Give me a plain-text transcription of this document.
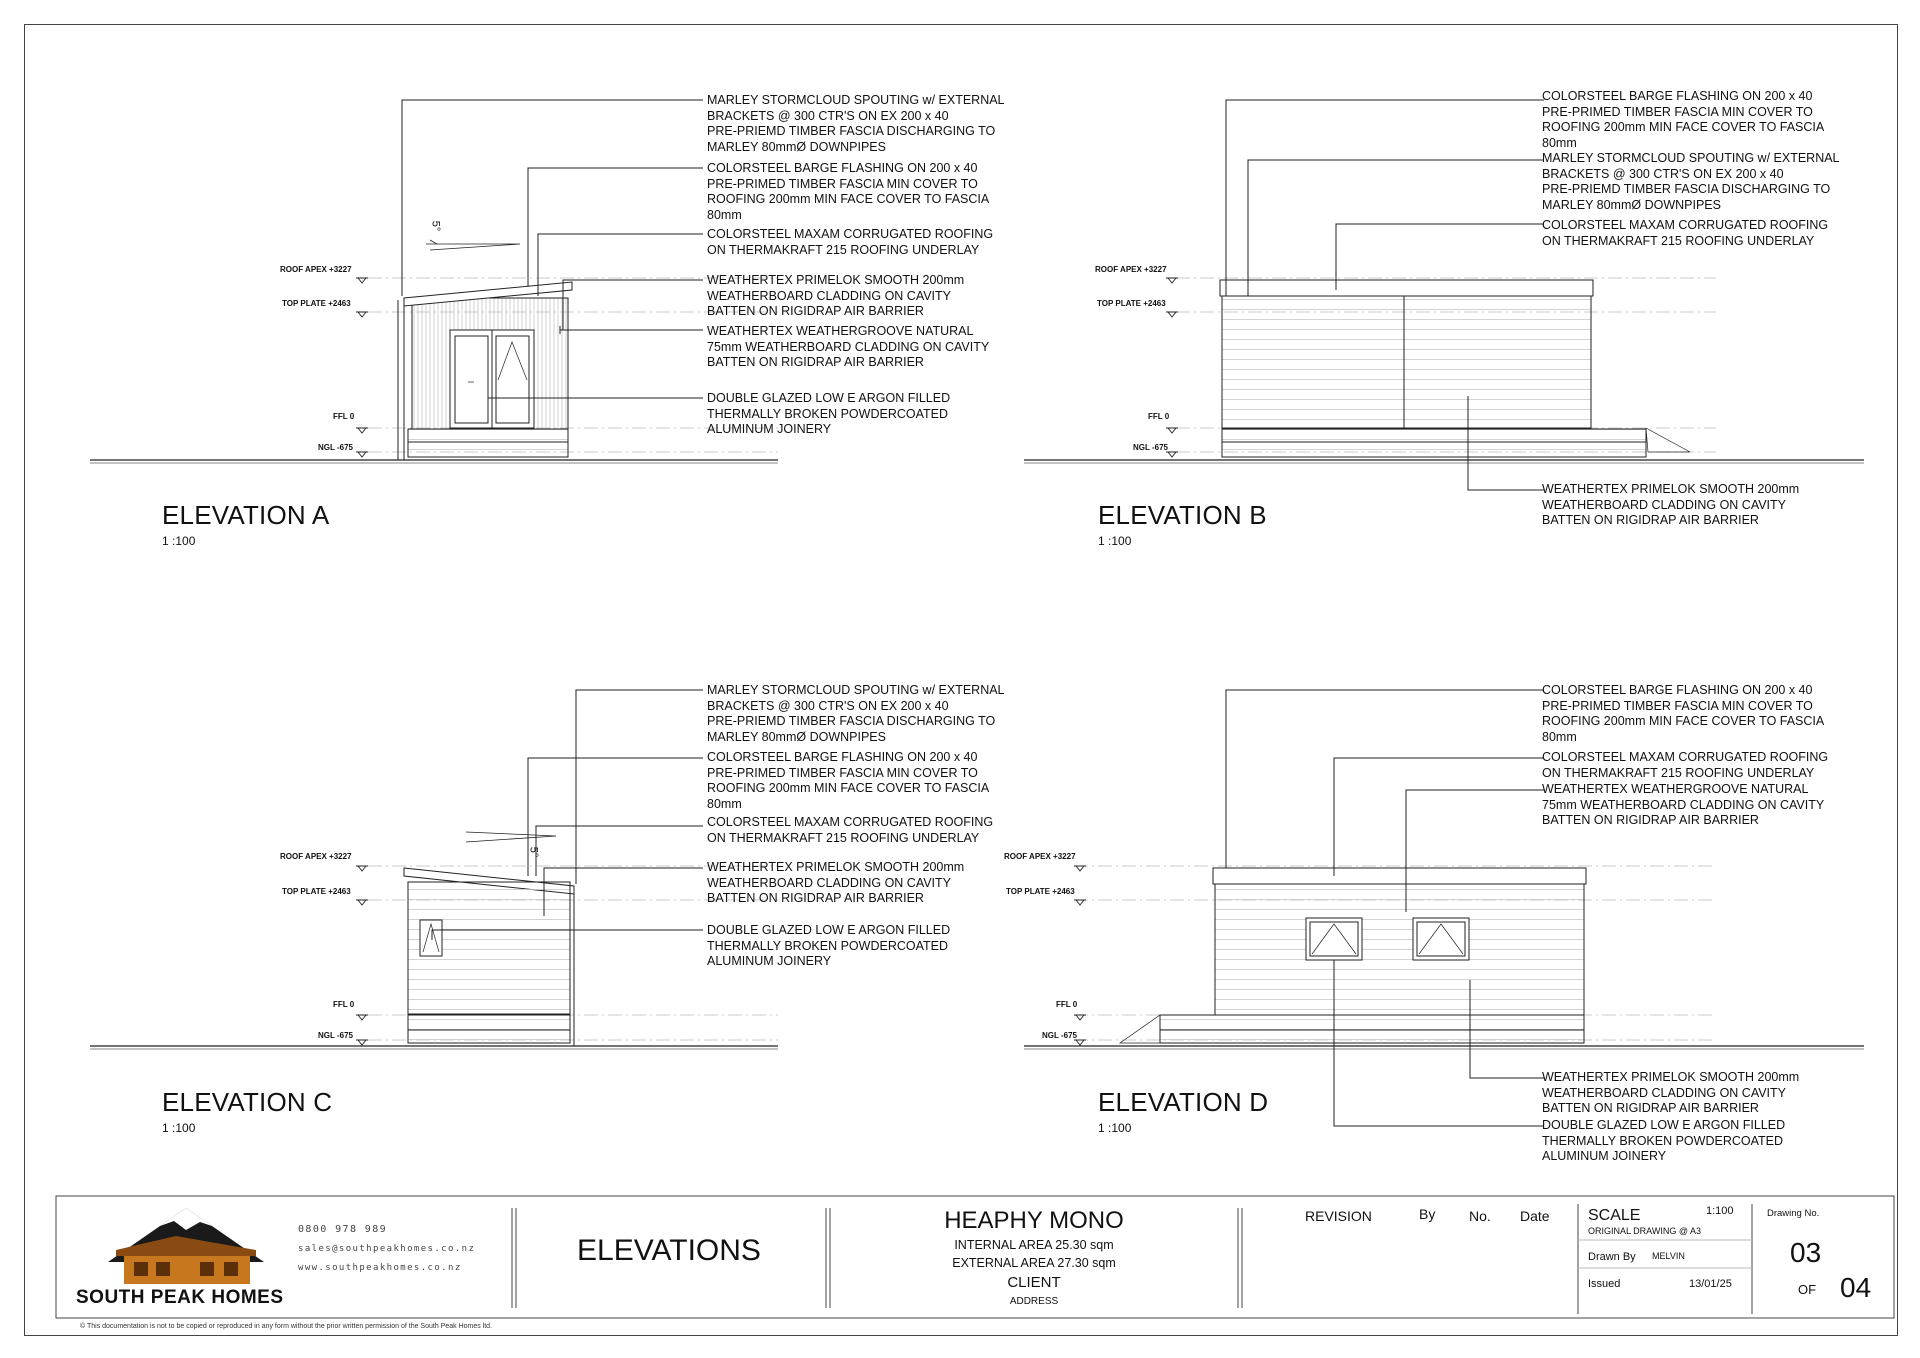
MARLEY STORMCLOUD SPOUTING w/ EXTERNAL
BRACKETS @ 300 CTR'S ON EX 200 x 40
PRE-PRIEMD TIMBER FASCIA DISCHARGING TO
MARLEY 80mmØ DOWNPIPES
COLORSTEEL BARGE FLASHING ON 200 x 40
PRE-PRIMED TIMBER FASCIA MIN COVER TO
ROOFING 200mm MIN FACE COVER TO FASCIA
80mm
COLORSTEEL MAXAM CORRUGATED ROOFING
ON THERMAKRAFT 215 ROOFING UNDERLAY
WEATHERTEX PRIMELOK SMOOTH 200mm
WEATHERBOARD CLADDING ON CAVITY
BATTEN ON RIGIDRAP AIR BARRIER
WEATHERTEX WEATHERGROOVE NATURAL
75mm WEATHERBOARD CLADDING ON CAVITY
BATTEN ON RIGIDRAP AIR BARRIER
DOUBLE GLAZED LOW E ARGON FILLED
THERMALLY BROKEN POWDERCOATED
ALUMINUM JOINERY
ROOF APEX +3227
TOP PLATE +2463
FFL 0
NGL -675
5°
ELEVATION A
1 :100
COLORSTEEL BARGE FLASHING ON 200 x 40
PRE-PRIMED TIMBER FASCIA MIN COVER TO
ROOFING 200mm MIN FACE COVER TO FASCIA
80mm
MARLEY STORMCLOUD SPOUTING w/ EXTERNAL
BRACKETS @ 300 CTR'S ON EX 200 x 40
PRE-PRIEMD TIMBER FASCIA DISCHARGING TO
MARLEY 80mmØ DOWNPIPES
COLORSTEEL MAXAM CORRUGATED ROOFING
ON THERMAKRAFT 215 ROOFING UNDERLAY
WEATHERTEX PRIMELOK SMOOTH 200mm
WEATHERBOARD CLADDING ON CAVITY
BATTEN ON RIGIDRAP AIR BARRIER
ROOF APEX +3227
TOP PLATE +2463
FFL 0
NGL -675
ELEVATION B
1 :100
MARLEY STORMCLOUD SPOUTING w/ EXTERNAL
BRACKETS @ 300 CTR'S ON EX 200 x 40
PRE-PRIEMD TIMBER FASCIA DISCHARGING TO
MARLEY 80mmØ DOWNPIPES
COLORSTEEL BARGE FLASHING ON 200 x 40
PRE-PRIMED TIMBER FASCIA MIN COVER TO
ROOFING 200mm MIN FACE COVER TO FASCIA
80mm
COLORSTEEL MAXAM CORRUGATED ROOFING
ON THERMAKRAFT 215 ROOFING UNDERLAY
WEATHERTEX PRIMELOK SMOOTH 200mm
WEATHERBOARD CLADDING ON CAVITY
BATTEN ON RIGIDRAP AIR BARRIER
DOUBLE GLAZED LOW E ARGON FILLED
THERMALLY BROKEN POWDERCOATED
ALUMINUM JOINERY
ROOF APEX +3227
TOP PLATE +2463
FFL 0
NGL -675
5°
ELEVATION C
1 :100
COLORSTEEL BARGE FLASHING ON 200 x 40
PRE-PRIMED TIMBER FASCIA MIN COVER TO
ROOFING 200mm MIN FACE COVER TO FASCIA
80mm
COLORSTEEL MAXAM CORRUGATED ROOFING
ON THERMAKRAFT 215 ROOFING UNDERLAY
WEATHERTEX WEATHERGROOVE NATURAL
75mm WEATHERBOARD CLADDING ON CAVITY
BATTEN ON RIGIDRAP AIR BARRIER
WEATHERTEX PRIMELOK SMOOTH 200mm
WEATHERBOARD CLADDING ON CAVITY
BATTEN ON RIGIDRAP AIR BARRIER
DOUBLE GLAZED LOW E ARGON FILLED
THERMALLY BROKEN POWDERCOATED
ALUMINUM JOINERY
ROOF APEX +3227
TOP PLATE +2463
FFL 0
NGL -675
ELEVATION D
1 :100
SOUTH PEAK HOMES
0800 978 989
sales@southpeakhomes.co.nz
www.southpeakhomes.co.nz
ELEVATIONS
HEAPHY MONO
INTERNAL AREA 25.30 sqm
EXTERNAL AREA 27.30 sqm
CLIENT
ADDRESS
REVISION	By No. Date SCALE	1:100
ORIGINAL DRAWING @ A3
Drawn By MELVIN
Issued	13/01/25
Drawing No.
03
OF 04
© This documentation is not to be copied or reproduced in any form without the prior written permission of the South Peak Homes ltd.
